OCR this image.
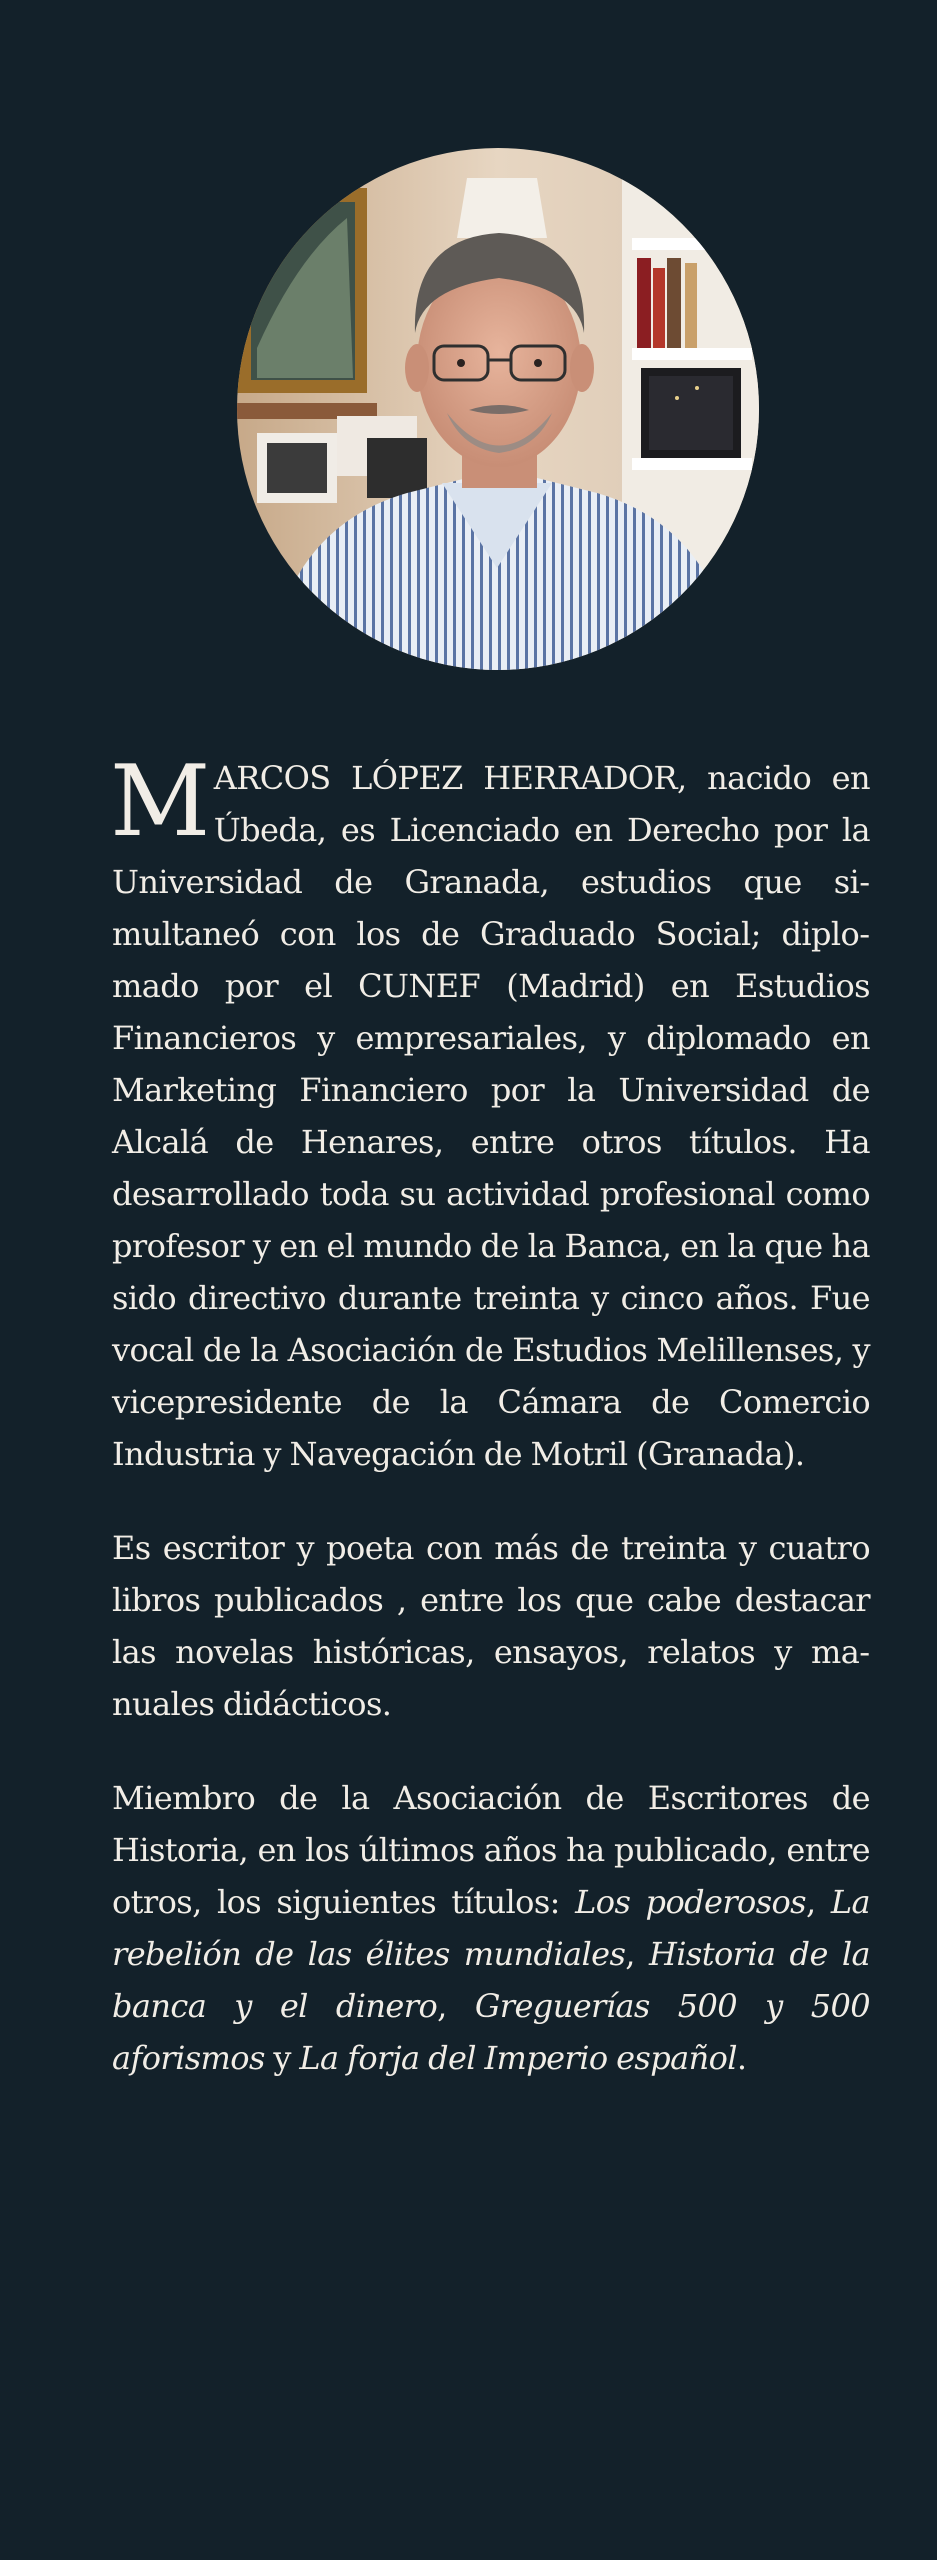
MARCOS LÓPEZ HERRADOR, nacido en Úbeda, es Licenciado en Derecho por la Universidad de Granada, estudios que simultaneó con los de Graduado Social; diplomado por el CUNEF (Madrid) en Estudios Financieros y empresariales, y diplomado en Marketing Financiero por la Universidad de Alcalá de Henares, entre otros títulos. Ha desarrollado toda su actividad profesional como profesor y en el mundo de la Banca, en la que ha sido directivo durante treinta y cinco años. Fue vocal de la Asociación de Estudios Melillenses, y vicepresidente de la Cámara de Comercio Industria y Navegación de Motril (Granada).

Es escritor y poeta con más de treinta y cuatro libros publicados , entre los que cabe destacar las novelas históricas, ensayos, relatos y manuales didácticos.

Miembro de la Asociación de Escritores de Historia, en los últimos años ha publicado, entre otros, los siguientes títulos: Los poderosos, La rebelión de las élites mundiales, Historia de la banca y el dinero, Greguerías 500 y 500 aforismos y La forja del Imperio español.
